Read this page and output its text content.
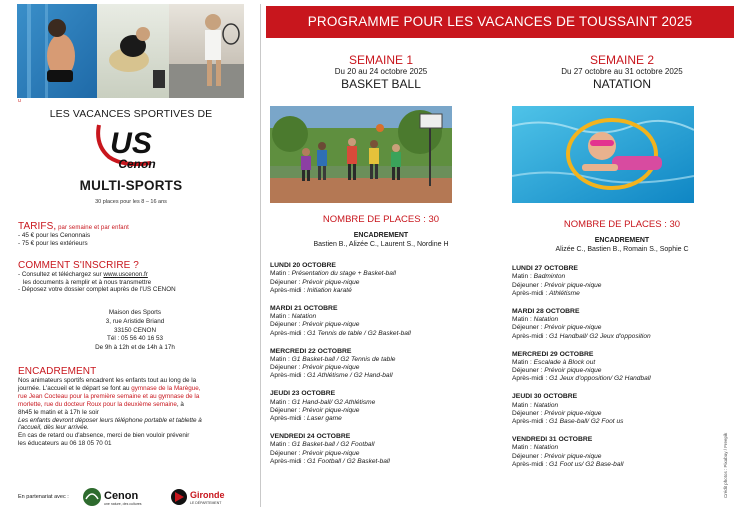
u
LES VACANCES SPORTIVES DE
US
Cenon
MULTI-SPORTS
30 places pour les 8 – 16 ans
TARIFS, par semaine et par enfant
- 45 € pour les Cenonnais
- 75 € pour les extérieurs
COMMENT S'INSCRIRE ?
- Consultez et téléchargez sur www.uscenon.fr
les documents à remplir et à nous transmettre
- Déposez votre dossier complet auprès de l'US CENON
Maison des Sports
3, rue Aristide Briand
33150 CENON
Tél : 05 56 40 16 53
De 9h à 12h et de 14h à 17h
ENCADREMENT
Nos animateurs sportifs encadrent les enfants tout au long de la
journée. L'accueil et le départ se font au gymnase de la Marègue,
rue Jean Cocteau pour la première semaine et au gymnase de la
morlette, rue du docteur Roux pour la deuxième semaine, à
8h45 le matin et à 17h le soir
Les enfants devront déposer leurs téléphone portable et tablette à
l'accueil, dès leur arrivée.
En cas de retard ou d'absence, merci de bien vouloir prévenir
les éducateurs au 06 18 05 70 01
En partenariat avec :	Cenon
une nature, des cultures
Gironde
LE DÉPARTEMENT
PROGRAMME POUR LES VACANCES DE TOUSSAINT 2025
SEMAINE 1
Du 20 au 24 octobre 2025
BASKET BALL
SEMAINE 2
Du 27 octobre au 31 octobre 2025
NATATION
NOMBRE DE PLACES : 30
ENCADREMENT
Bastien B., Alizée C., Laurent S., Nordine H
NOMBRE DE PLACES : 30
ENCADREMENT
Alizée C., Bastien B., Romain S., Sophie C
LUNDI 20 OCTOBRE
Matin : Présentation du stage + Basket-ball
Déjeuner : Prévoir pique-nique
Après-midi : Initiation karaté
MARDI 21 OCTOBRE
Matin : Natation
Déjeuner : Prévoir pique-nique
Après-midi : G1 Tennis de table / G2 Basket-ball
MERCREDI 22 OCTOBRE
Matin : G1 Basket-ball / G2 Tennis de table
Déjeuner : Prévoir pique-nique
Après-midi : G1 Athlétisme / G2 Hand-ball
JEUDI 23 OCTOBRE
Matin : G1 Hand-ball/ G2 Athlétisme
Déjeuner : Prévoir pique-nique
Après-midi : Laser game
VENDREDI 24 OCTOBRE
Matin : G1 Basket-ball / G2 Football
Déjeuner : Prévoir pique-nique
Après-midi : G1 Football / G2 Basket-ball
LUNDI 27 OCTOBRE
Matin : Badminton
Déjeuner : Prévoir pique-nique
Après-midi : Athlétisme
MARDI 28 OCTOBRE
Matin : Natation
Déjeuner : Prévoir pique-nique
Après-midi : G1 Handball/ G2 Jeux d'opposition
MERCREDI 29 OCTOBRE
Matin : Escalade à Block out
Déjeuner : Prévoir pique-nique
Après-midi : G1 Jeux d'opposition/ G2 Handball
JEUDI 30 OCTOBRE
Matin : Natation
Déjeuner : Prévoir pique-nique
Après-midi : G1 Base-ball/ G2 Foot us
VENDREDI 31 OCTOBRE
Matin : Natation
Déjeuner : Prévoir pique-nique
Après-midi : G1 Foot us/ G2 Base-ball	Crédit photos : Pixabay / Freepik
